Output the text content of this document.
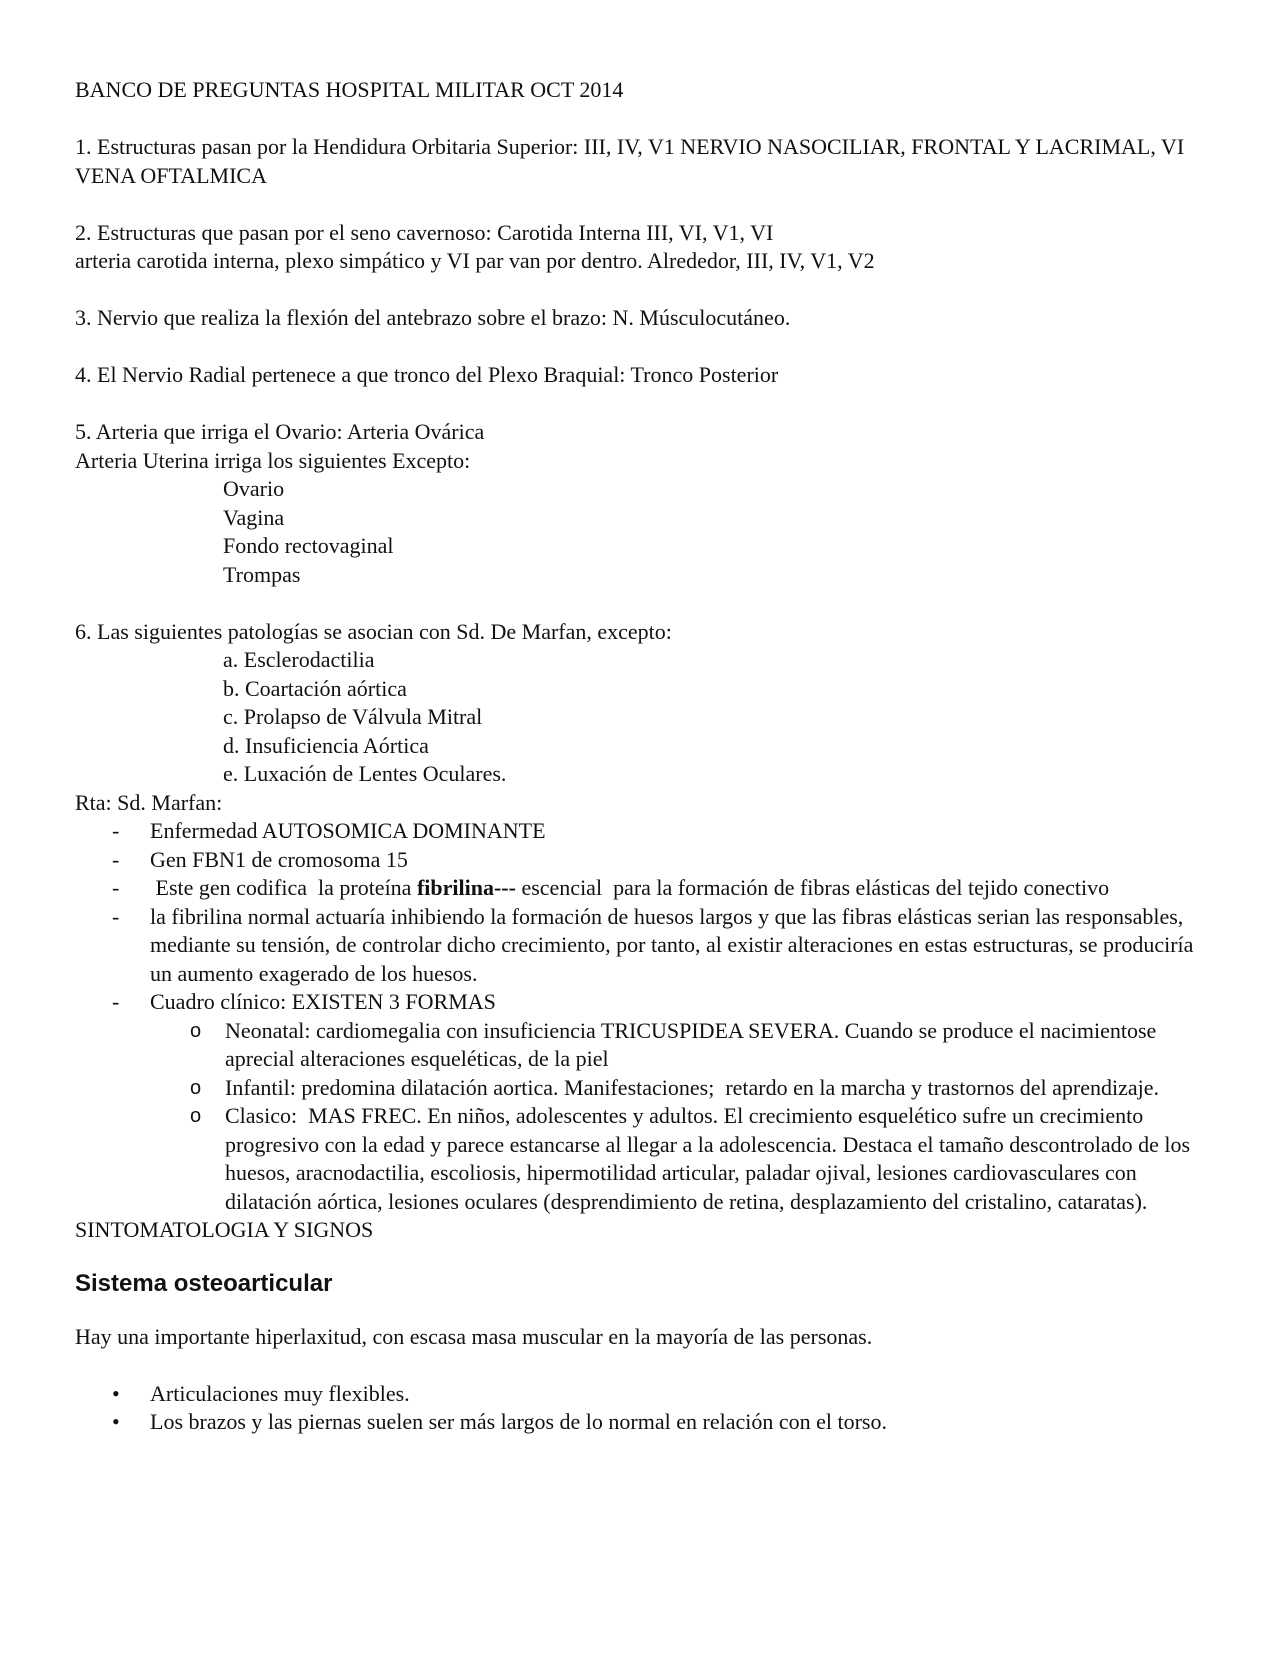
BANCO DE PREGUNTAS HOSPITAL MILITAR OCT 2014

1. Estructuras pasan por la Hendidura Orbitaria Superior: III, IV, V1 NERVIO NASOCILIAR, FRONTAL Y LACRIMAL, VI VENA OFTALMICA

2. Estructuras que pasan por el seno cavernoso: Carotida Interna III, VI, V1, VI

arteria carotida interna, plexo simpático y VI par van por dentro. Alrededor, III, IV, V1, V2

3. Nervio que realiza la flexión del antebrazo sobre el brazo: N. Músculocutáneo.

4. El Nervio Radial pertenece a que tronco del Plexo Braquial: Tronco Posterior

5. Arteria que irriga el Ovario: Arteria Ovárica

Arteria Uterina irriga los siguientes Excepto:

Ovario

Vagina

Fondo rectovaginal

Trompas

6. Las siguientes patologías se asocian con Sd. De Marfan, excepto:

a. Esclerodactilia

b. Coartación aórtica

c. Prolapso de Válvula Mitral

d. Insuficiencia Aórtica

e. Luxación de Lentes Oculares.

Rta: Sd. Marfan:

- Enfermedad AUTOSOMICA DOMINANTE
- Gen FBN1 de cromosoma 15
- Este gen codifica  la proteína fibrilina--- escencial  para la formación de fibras elásticas del tejido conectivo
- la fibrilina normal actuaría inhibiendo la formación de huesos largos y que las fibras elásticas serian las responsables, mediante su tensión, de controlar dicho crecimiento, por tanto, al existir alteraciones en estas estructuras, se produciría un aumento exagerado de los huesos.
- Cuadro clínico: EXISTEN 3 FORMAS
o Neonatal: cardiomegalia con insuficiencia TRICUSPIDEA SEVERA. Cuando se produce el nacimientose aprecial alteraciones esqueléticas, de la piel
o Infantil: predomina dilatación aortica. Manifestaciones;  retardo en la marcha y trastornos del aprendizaje.
o Clasico:  MAS FREC. En niños, adolescentes y adultos. El crecimiento esquelético sufre un crecimiento progresivo con la edad y parece estancarse al llegar a la adolescencia. Destaca el tamaño descontrolado de los huesos, aracnodactilia, escoliosis, hipermotilidad articular, paladar ojival, lesiones cardiovasculares con dilatación aórtica, lesiones oculares (desprendimiento de retina, desplazamiento del cristalino, cataratas).

SINTOMATOLOGIA Y SIGNOS

Sistema osteoarticular

Hay una importante hiperlaxitud, con escasa masa muscular en la mayoría de las personas.

• Articulaciones muy flexibles.
• Los brazos y las piernas suelen ser más largos de lo normal en relación con el torso.
